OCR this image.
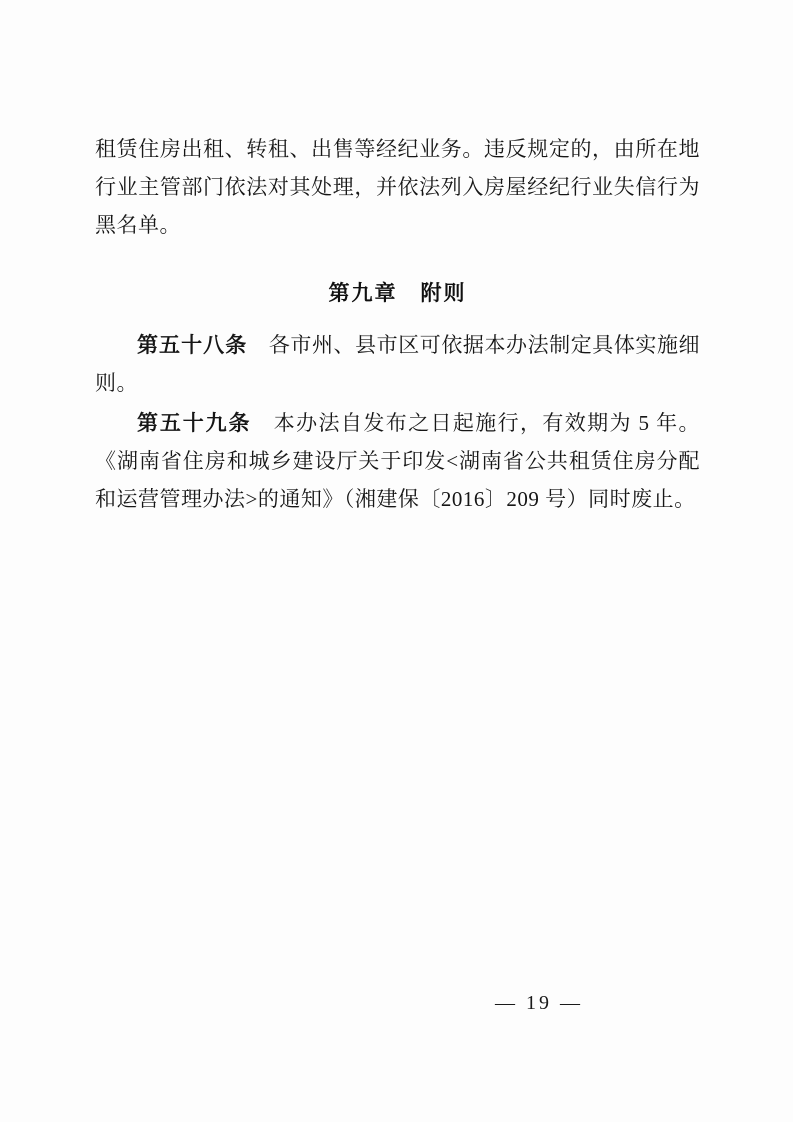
租赁住房出租、转租、出售等经纪业务。违反规定的，由所在地行业主管部门依法对其处理，并依法列入房屋经纪行业失信行为黑名单。

第九章　附则

第五十八条　 各市州、县市区可依据本办法制定具体实施细则。

第五十九条　 本办法自发布之日起施行，有效期为 5 年。《湖南省住房和城乡建设厅关于印发<湖南省公共租赁住房分配和运营管理办法>的通知》（湘建保〔2016〕209 号）同时废止。

— 19 —
